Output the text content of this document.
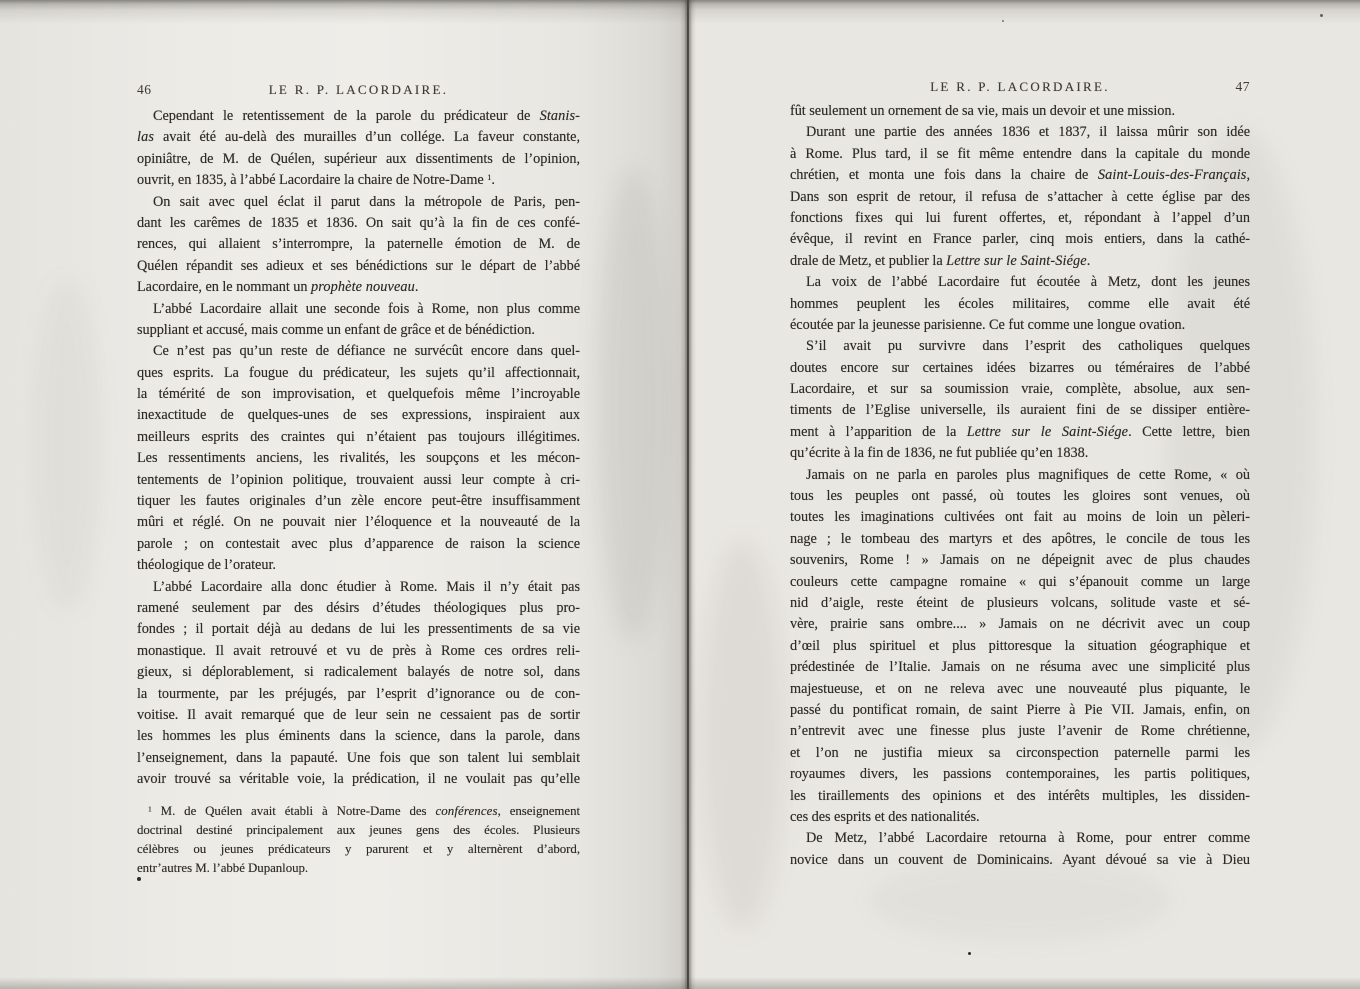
46	LE R. P. LACORDAIRE.	LE R. P. LACORDAIRE.	47
Cependant le retentissement de la parole du prédicateur de Stanis-
las avait été au-delà des murailles d’un collége. La faveur constante,
opiniâtre, de M. de Quélen, supérieur aux dissentiments de l’opinion,
ouvrit, en 1835, à l’abbé Lacordaire la chaire de Notre-Dame $^1$.
On sait avec quel éclat il parut dans la métropole de Paris, pen-
dant les carêmes de 1835 et 1836. On sait qu’à la fin de ces confé-
rences, qui allaient s’interrompre, la paternelle émotion de M. de
Quélen répandit ses adieux et ses bénédictions sur le départ de l’abbé
Lacordaire, en le nommant un prophète nouveau.
L’abbé Lacordaire allait une seconde fois à Rome, non plus comme
suppliant et accusé, mais comme un enfant de grâce et de bénédiction.
Ce n’est pas qu’un reste de défiance ne survécût encore dans quel-
ques esprits. La fougue du prédicateur, les sujets qu’il affectionnait,
la témérité de son improvisation, et quelquefois même l’incroyable
inexactitude de quelques-unes de ses expressions, inspiraient aux
meilleurs esprits des craintes qui n’étaient pas toujours illégitimes.
Les ressentiments anciens, les rivalités, les soupçons et les mécon-
tentements de l’opinion politique, trouvaient aussi leur compte à cri-
tiquer les fautes originales d’un zèle encore peut-être insuffisamment
mûri et réglé. On ne pouvait nier l’éloquence et la nouveauté de la
parole ; on contestait avec plus d’apparence de raison la science
théologique de l’orateur.
L’abbé Lacordaire alla donc étudier à Rome. Mais il n’y était pas
ramené seulement par des désirs d’études théologiques plus pro-
fondes ; il portait déjà au dedans de lui les pressentiments de sa vie
monastique. Il avait retrouvé et vu de près à Rome ces ordres reli-
gieux, si déplorablement, si radicalement balayés de notre sol, dans
la tourmente, par les préjugés, par l’esprit d’ignorance ou de con-
voitise. Il avait remarqué que de leur sein ne cessaient pas de sortir
les hommes les plus éminents dans la science, dans la parole, dans
l’enseignement, dans la papauté. Une fois que son talent lui semblait
avoir trouvé sa véritable voie, la prédication, il ne voulait pas qu’elle
$^1$ M. de Quélen avait établi à Notre-Dame des conférences, enseignement
doctrinal destiné principalement aux jeunes gens des écoles. Plusieurs
célèbres ou jeunes prédicateurs y parurent et y alternèrent d’abord,
entr’autres M. l’abbé Dupanloup.
fût seulement un ornement de sa vie, mais un devoir et une mission.
Durant une partie des années 1836 et 1837, il laissa mûrir son idée
à Rome. Plus tard, il se fit même entendre dans la capitale du monde
chrétien, et monta une fois dans la chaire de Saint-Louis-des-Français,
Dans son esprit de retour, il refusa de s’attacher à cette église par des
fonctions fixes qui lui furent offertes, et, répondant à l’appel d’un
évêque, il revint en France parler, cinq mois entiers, dans la cathé-
drale de Metz, et publier la Lettre sur le Saint-Siége.
La voix de l’abbé Lacordaire fut écoutée à Metz, dont les jeunes
hommes peuplent les écoles militaires, comme elle avait été
écoutée par la jeunesse parisienne. Ce fut comme une longue ovation.
S’il avait pu survivre dans l’esprit des catholiques quelques
doutes encore sur certaines idées bizarres ou téméraires de l’abbé
Lacordaire, et sur sa soumission vraie, complète, absolue, aux sen-
timents de l’Eglise universelle, ils auraient fini de se dissiper entière-
ment à l’apparition de la Lettre sur le Saint-Siége. Cette lettre, bien
qu’écrite à la fin de 1836, ne fut publiée qu’en 1838.
Jamais on ne parla en paroles plus magnifiques de cette Rome, « où
tous les peuples ont passé, où toutes les gloires sont venues, où
toutes les imaginations cultivées ont fait au moins de loin un pèleri-
nage ; le tombeau des martyrs et des apôtres, le concile de tous les
souvenirs, Rome ! » Jamais on ne dépeignit avec de plus chaudes
couleurs cette campagne romaine « qui s’épanouit comme un large
nid d’aigle, reste éteint de plusieurs volcans, solitude vaste et sé-
vère, prairie sans ombre.... » Jamais on ne décrivit avec un coup
d’œil plus spirituel et plus pittoresque la situation géographique et
prédestinée de l’Italie. Jamais on ne résuma avec une simplicité plus
majestueuse, et on ne releva avec une nouveauté plus piquante, le
passé du pontificat romain, de saint Pierre à Pie VII. Jamais, enfin, on
n’entrevit avec une finesse plus juste l’avenir de Rome chrétienne,
et l’on ne justifia mieux sa circonspection paternelle parmi les
royaumes divers, les passions contemporaines, les partis politiques,
les tiraillements des opinions et des intérêts multiples, les dissiden-
ces des esprits et des nationalités.
De Metz, l’abbé Lacordaire retourna à Rome, pour entrer comme
novice dans un couvent de Dominicains. Ayant dévoué sa vie à Dieu
